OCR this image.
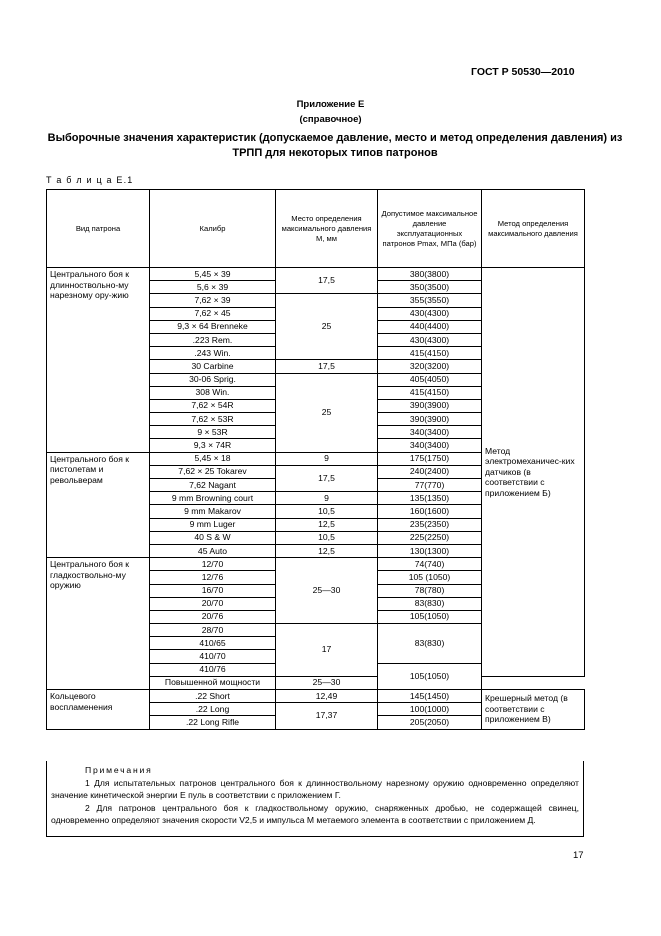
ГОСТ Р 50530—2010
Приложение Е
(справочное)
Выборочные значения характеристик (допускаемое давление, место и метод определения давления) из ТРПП для некоторых типов патронов
Т а б л и ц а Е.1
Вид патрона	Калибр	Место определения максимального давления М, мм	Допустимое максимальное давление эксплуатационных патронов Pmax, МПа (бар)	Метод определения максимального давления
Центрального боя к длинноствольно-му нарезному ору-жию	5,45 × 39	17,5	380(3800)	Метод электромеханичес-ких датчиков (в соответствии с приложением Б)
	5,6 × 39		350(3500)	
	7,62 × 39	25	355(3550)	
	7,62 × 45		430(4300)	
	9,3 × 64 Brenneke		440(4400)	
	.223 Rem.		430(4300)	
	.243 Win.		415(4150)	
	30 Carbine	17,5	320(3200)	
	30-06 Sprig.	25	405(4050)	
	308 Win.		415(4150)	
	7,62 × 54R		390(3900)	
	7,62 × 53R		390(3900)	
	9 × 53R		340(3400)	
	9,3 × 74R		340(3400)	
Центрального боя к пистолетам и револьверам	5,45 × 18	9	175(1750)	
	7,62 × 25 Tokarev	17,5	240(2400)	
	7,62 Nagant		77(770)	
	9 mm Browning court	9	135(1350)	
	9 mm Makarov	10,5	160(1600)	
	9 mm Luger	12,5	235(2350)	
	40 S & W	10,5	225(2250)	
	45 Auto	12,5	130(1300)	
Центрального боя к гладкоствольно-му оружию	12/70	25—30	74(740)	
	12/76		105 (1050)	
	16/70		78(780)	
	20/70		83(830)	
	20/76		105(1050)	
	28/70	17	83(830)	
	410/65			
	410/70			
	410/76		105(1050)	
	Повышенной мощности	25—30		
Кольцевого воспламенения	.22 Short	12,49	145(1450)	Крешерный метод (в соответствии с приложением В)
	.22 Long	17,37	100(1000)	
	.22 Long Rifle		205(2050)	
Примечания

1 Для испытательных патронов центрального боя к длинноствольному нарезному оружию одновременно определяют значение кинетической энергии Е пуль в соответствии с приложением Г.

2 Для патронов центрального боя к гладкоствольному оружию, снаряженных дробью, не содержащей свинец, одновременно определяют значения скорости V2,5 и импульса М метаемого элемента в соответствии с приложением Д.

17
